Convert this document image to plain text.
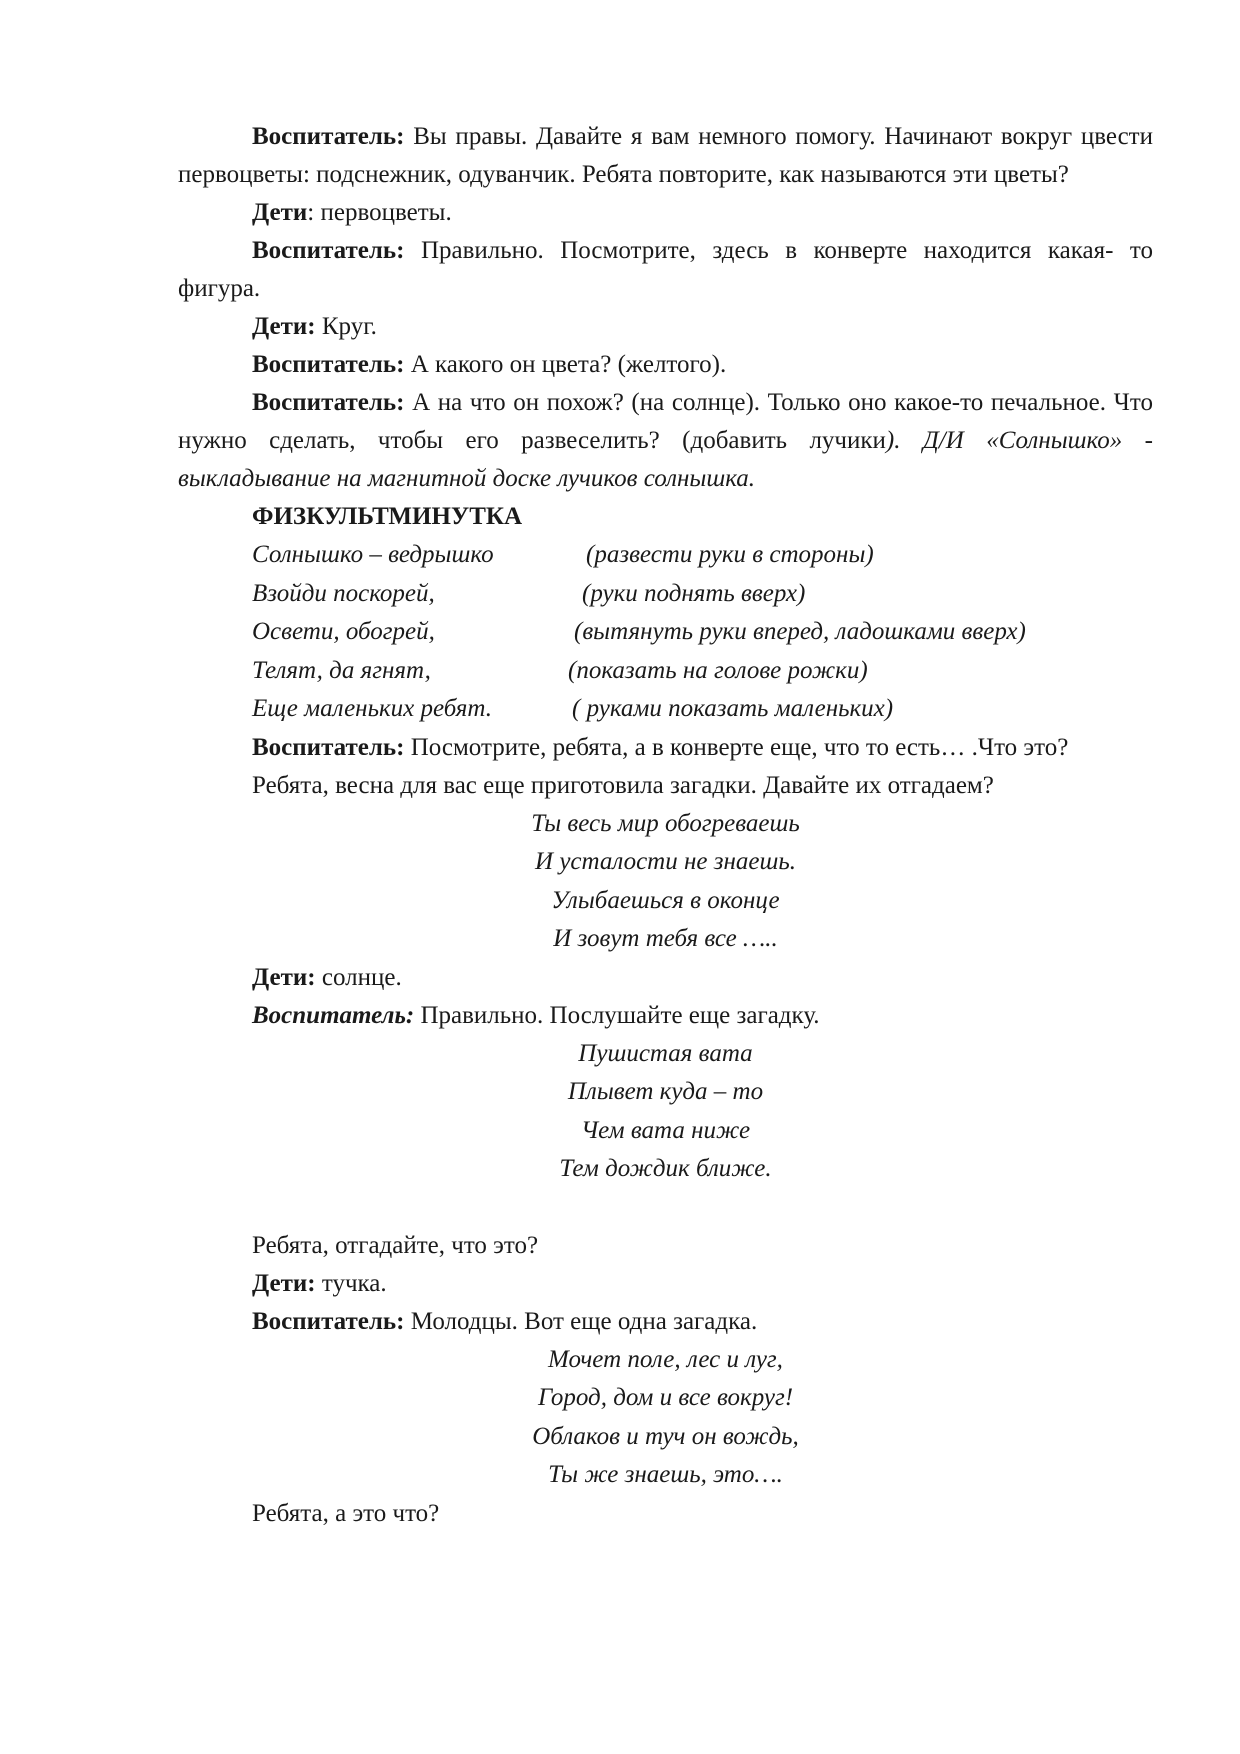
Воспитатель: Вы правы. Давайте я вам немного помогу. Начинают вокруг цвести первоцветы: подснежник, одуванчик. Ребята повторите, как называются эти цветы?

Дети: первоцветы.

Воспитатель: Правильно. Посмотрите, здесь в конверте находится какая- то фигура.

Дети: Круг.

Воспитатель: А какого он цвета? (желтого).

Воспитатель: А на что он похож? (на солнце). Только оно какое-то печальное. Что нужно сделать, чтобы его развеселить? (добавить лучики). Д/И «Солнышко» - выкладывание на магнитной доске лучиков солнышка.

ФИЗКУЛЬТМИНУТКА

Солнышко – ведрышко	(развести руки в стороны)
Взойди поскорей,	(руки поднять вверх)
Освети, обогрей,	(вытянуть руки вперед, ладошками вверх)
Телят, да ягнят,	(показать на голове рожки)
Еще маленьких ребят.	( руками показать маленьких)

Воспитатель: Посмотрите, ребята, а в конверте еще, что то есть… .Что это?

Ребята, весна для вас еще приготовила загадки. Давайте их отгадаем?

Ты весь мир обогреваешь
И усталости не знаешь.
Улыбаешься в оконце
И зовут тебя все …..

Дети: солнце.

Воспитатель: Правильно. Послушайте еще загадку.

Пушистая вата
Плывет куда – то
Чем вата ниже
Тем дождик ближе.

Ребята, отгадайте, что это?

Дети: тучка.

Воспитатель: Молодцы. Вот еще одна загадка.

Мочет поле, лес и луг,
Город, дом и все вокруг!
Облаков и туч он вождь,
Ты же знаешь, это….

Ребята, а это что?
